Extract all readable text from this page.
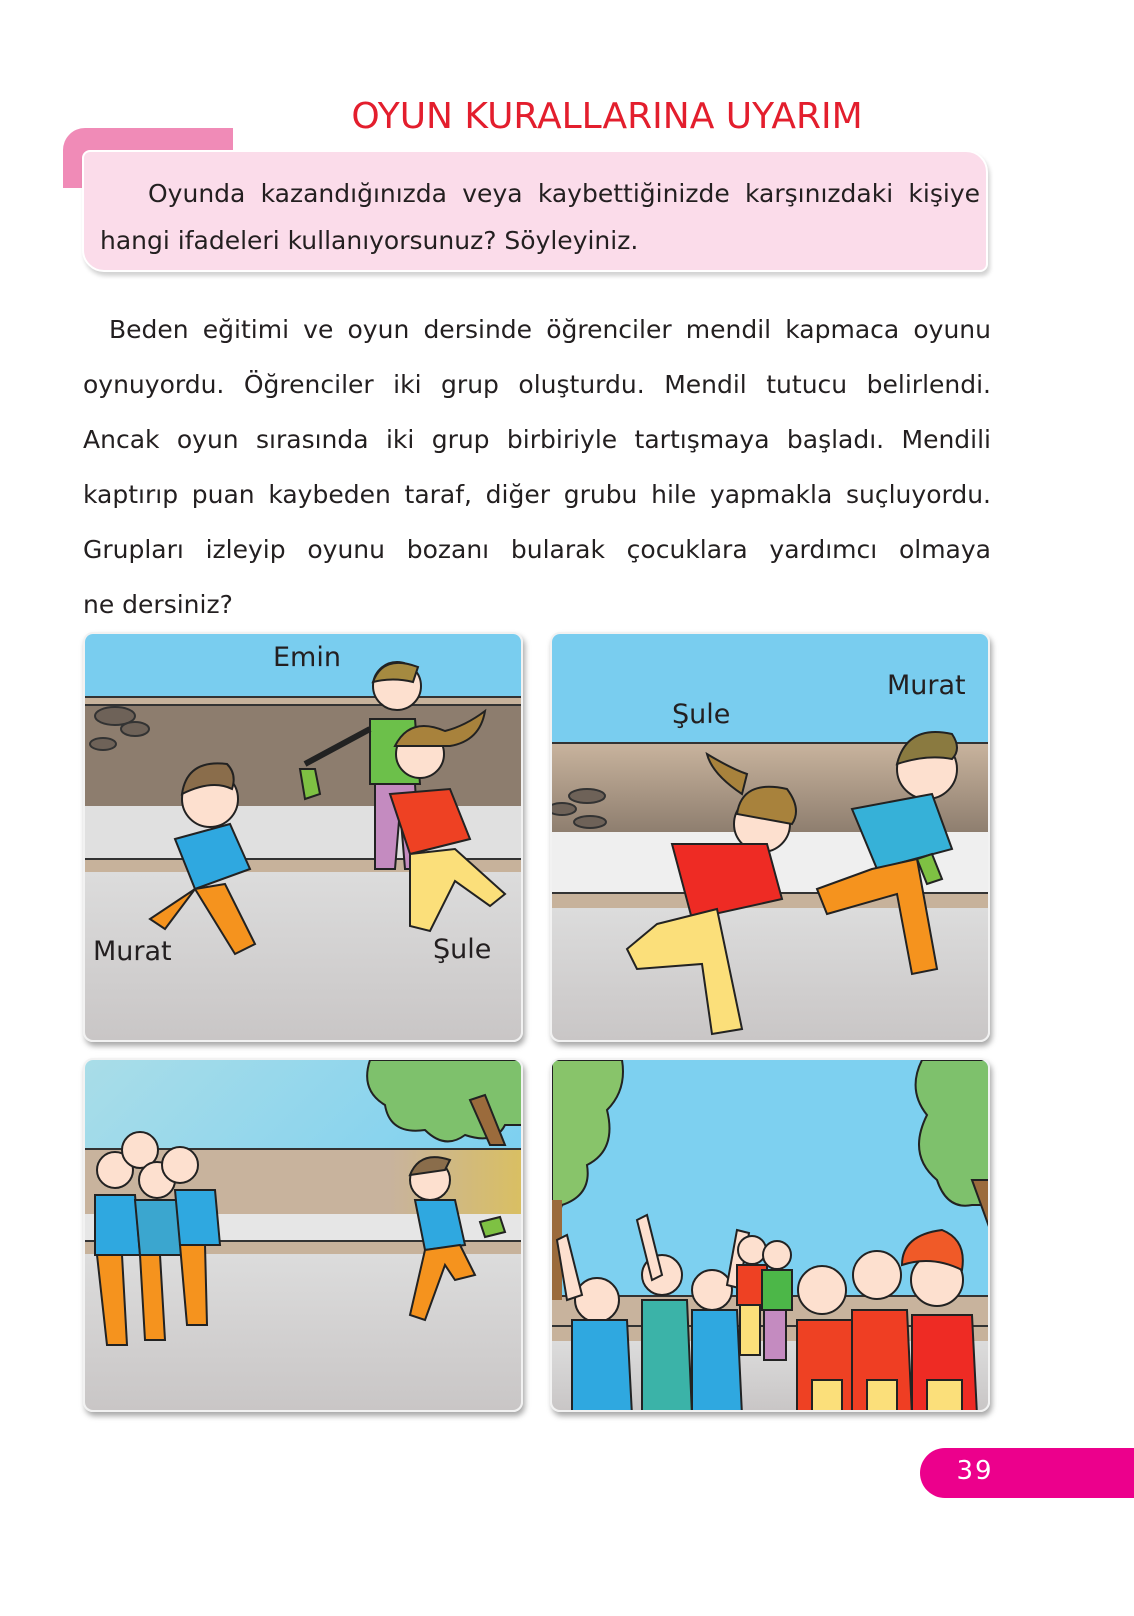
OYUN KURALLARINA UYARIM
Oyunda kazandığınızda veya kaybettiğinizde karşınızdaki kişiye
hangi ifadeleri kullanıyorsunuz? Söyleyiniz.
Beden eğitimi ve oyun dersinde öğrenciler mendil kapmaca oyunu
oynuyordu. Öğrenciler iki grup oluşturdu. Mendil tutucu belirlendi.
Ancak oyun sırasında iki grup birbiriyle tartışmaya başladı. Mendili
kaptırıp puan kaybeden taraf, diğer grubu hile yapmakla suçluyordu.
Grupları izleyip oyunu bozanı bularak çocuklara yardımcı olmaya
ne dersiniz?
Emin
Murat	Şule
Şule
Murat
39
